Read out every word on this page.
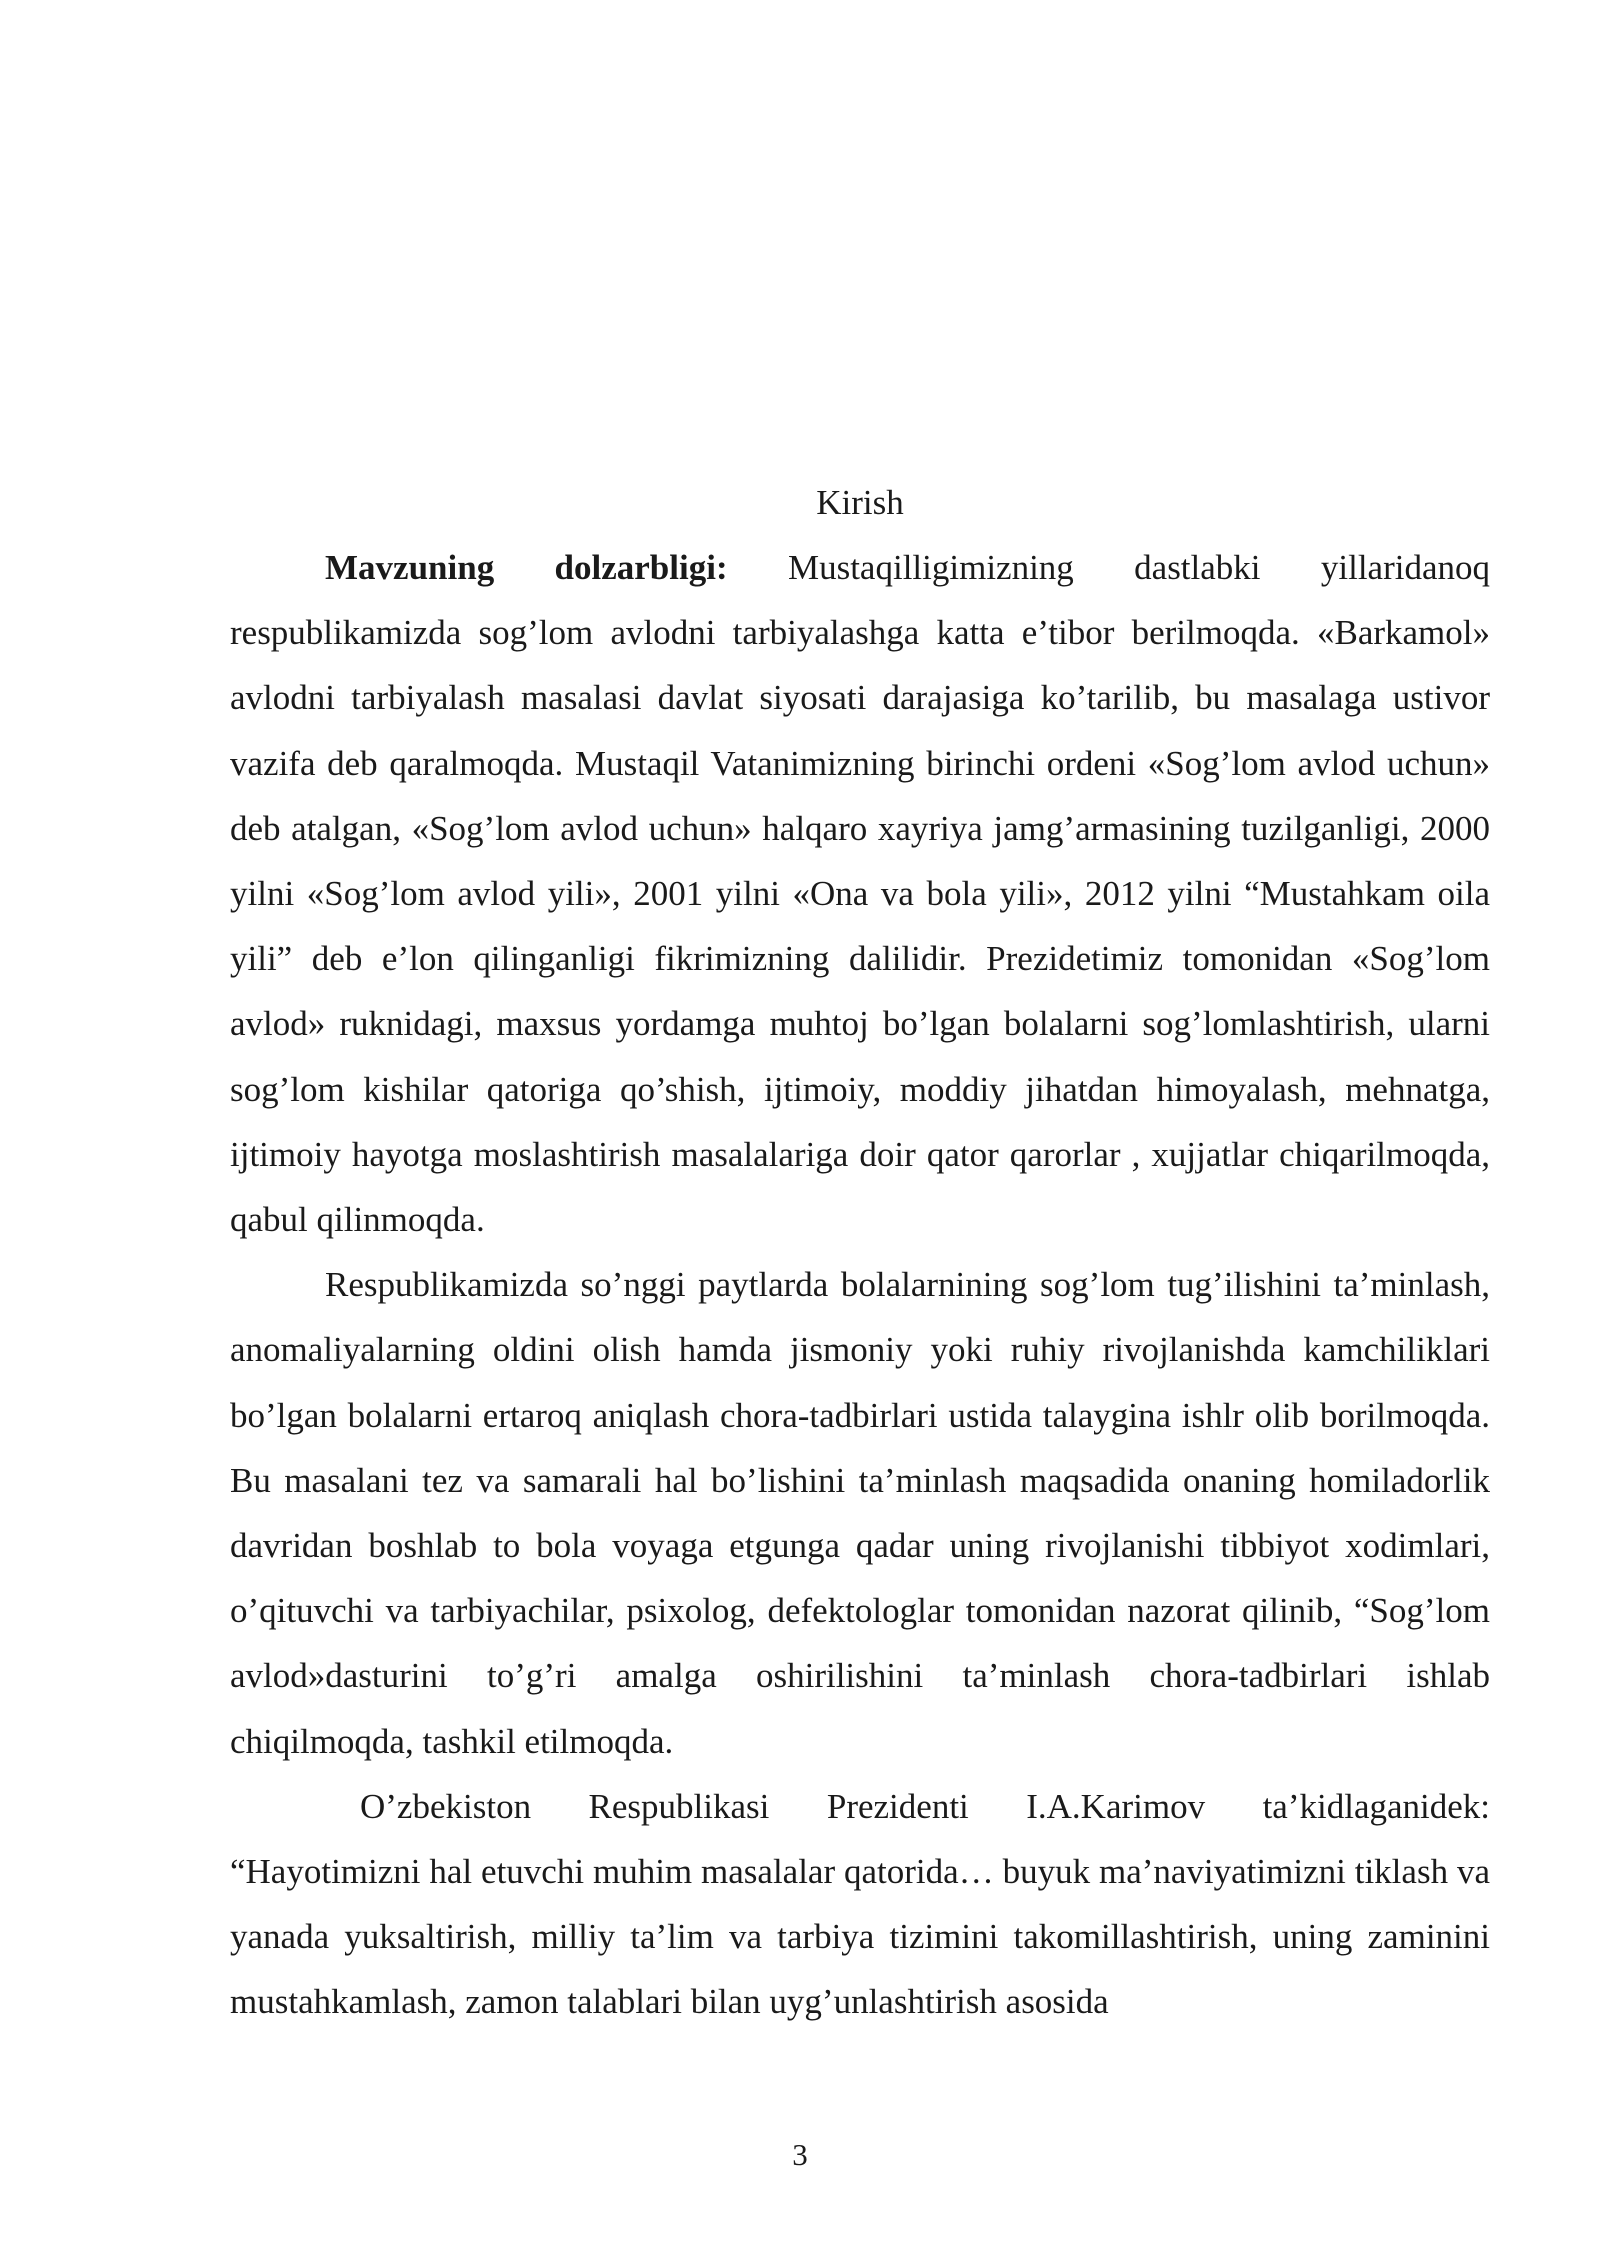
Kirish

Mavzuning dolzarbligi: Mustaqilligimizning dastlabki yillaridanoq respublikamizda sog’lom avlodni tarbiyalashga katta e’tibor berilmoqda. «Barkamol» avlodni tarbiyalash masalasi davlat siyosati darajasiga ko’tarilib, bu masalaga ustivor vazifa deb qaralmoqda. Mustaqil Vatanimizning birinchi ordeni «Sog’lom avlod uchun» deb atalgan, «Sog’lom avlod uchun» halqaro xayriya jamg’armasining tuzilganligi, 2000 yilni «Sog’lom avlod yili», 2001 yilni «Ona va bola yili», 2012 yilni “Mustahkam oila yili” deb e’lon qilinganligi fikrimizning dalilidir. Prezidetimiz tomonidan «Sog’lom avlod» ruknidagi, maxsus yordamga muhtoj bo’lgan bolalarni sog’lomlashtirish, ularni sog’lom kishilar qatoriga qo’shish, ijtimoiy, moddiy jihatdan himoyalash, mehnatga, ijtimoiy hayotga moslashtirish masalalariga doir qator qarorlar , xujjatlar chiqarilmoqda, qabul qilinmoqda.

Respublikamizda so’nggi paytlarda bolalarnining sog’lom tug’ilishini ta’minlash, anomaliyalarning oldini olish hamda jismoniy yoki ruhiy rivojlanishda kamchiliklari bo’lgan bolalarni ertaroq aniqlash chora-tadbirlari ustida talaygina ishlr olib borilmoqda. Bu masalani tez va samarali hal bo’lishini ta’minlash maqsadida onaning homiladorlik davridan boshlab to bola voyaga etgunga qadar uning rivojlanishi tibbiyot xodimlari, o’qituvchi va tarbiyachilar, psixolog, defektologlar tomonidan nazorat qilinib, “Sog’lom avlod»dasturini to’g’ri amalga oshirilishini ta’minlash chora-tadbirlari ishlab chiqilmoqda, tashkil etilmoqda.

O’zbekiston Respublikasi Prezidenti I.A.Karimov ta’kidlaganidek: “Hayotimizni hal etuvchi muhim masalalar qatorida… buyuk ma’naviyatimizni tiklash va yanada yuksaltirish, milliy ta’lim va tarbiya tizimini takomillashtirish, uning zaminini mustahkamlash, zamon talablari bilan uyg’unlashtirish asosida

3
